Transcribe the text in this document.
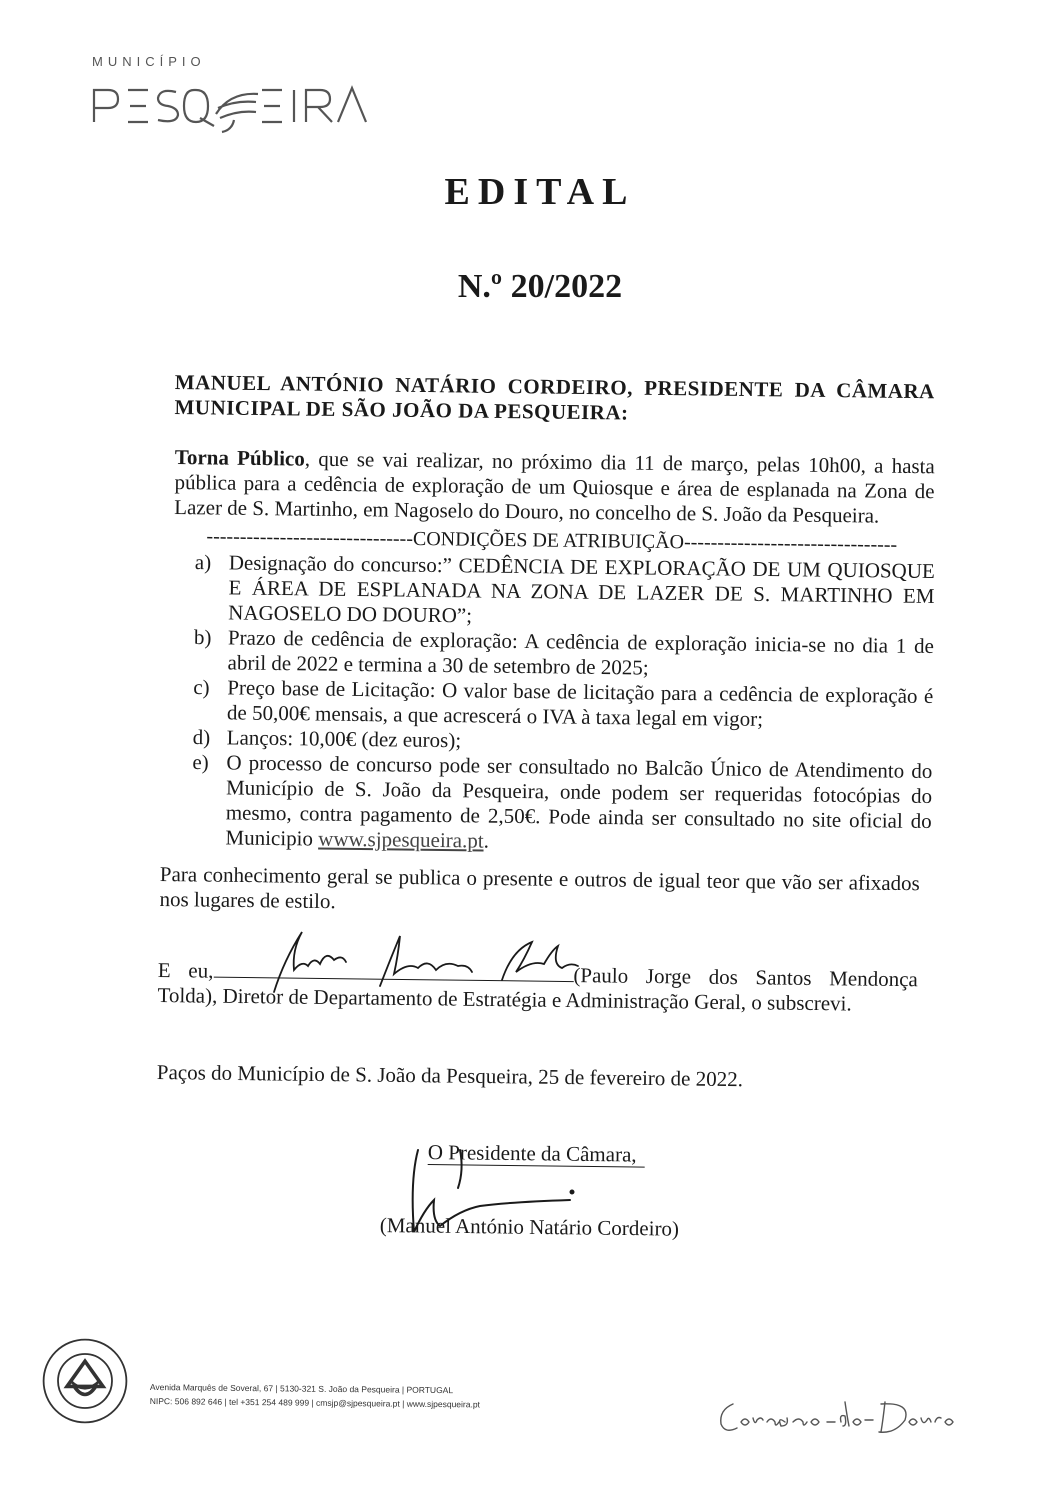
MUNICÍPIO
EDITAL
N.º 20/2022
MANUEL ANTÓNIO NATÁRIO CORDEIRO, PRESIDENTE DA CÂMARA MUNICIPAL DE SÃO JOÃO DA PESQUEIRA:
Torna Público, que se vai realizar, no próximo dia 11 de março, pelas 10h00, a hasta pública para a cedência de exploração de um Quiosque e área de esplanada na Zona de Lazer de S. Martinho, em Nagoselo do Douro, no concelho de S. João da Pesqueira.
-------------------------------CONDIÇÕES DE ATRIBUIÇÃO--------------------------------
a) Designação do concurso:” CEDÊNCIA DE EXPLORAÇÃO DE UM QUIOSQUE E ÁREA DE ESPLANADA NA ZONA DE LAZER DE S. MARTINHO EM NAGOSELO DO DOURO”;
b) Prazo de cedência de exploração: A cedência de exploração inicia-se no dia 1 de abril de 2022 e termina a 30 de setembro de 2025;
c) Preço base de Licitação: O valor base de licitação para a cedência de exploração é de 50,00€ mensais, a que acrescerá o IVA à taxa legal em vigor;
d) Lanços: 10,00€ (dez euros);
e) O processo de concurso pode ser consultado no Balcão Único de Atendimento do Município de S. João da Pesqueira, onde podem ser requeridas fotocópias do mesmo, contra pagamento de 2,50€. Pode ainda ser consultado no site oficial do Municipio www.sjpesqueira.pt.
Para conhecimento geral se publica o presente e outros de igual teor que vão ser afixados nos lugares de estilo.
E eu,	(Paulo Jorge dos Santos Mendonça Tolda), Diretor de Departamento de Estratégia e Administração Geral, o subscrevi.
Paços do Município de S. João da Pesqueira, 25 de fevereiro de 2022.
O Presidente da Câmara,
(Manuel António Natário Cordeiro)
Avenida Marquês de Soveral, 67 | 5130-321 S. João da Pesqueira | PORTUGAL
NIPC: 506 892 646 | tel +351 254 489 999 | cmsjp@sjpesqueira.pt | www.sjpesqueira.pt
